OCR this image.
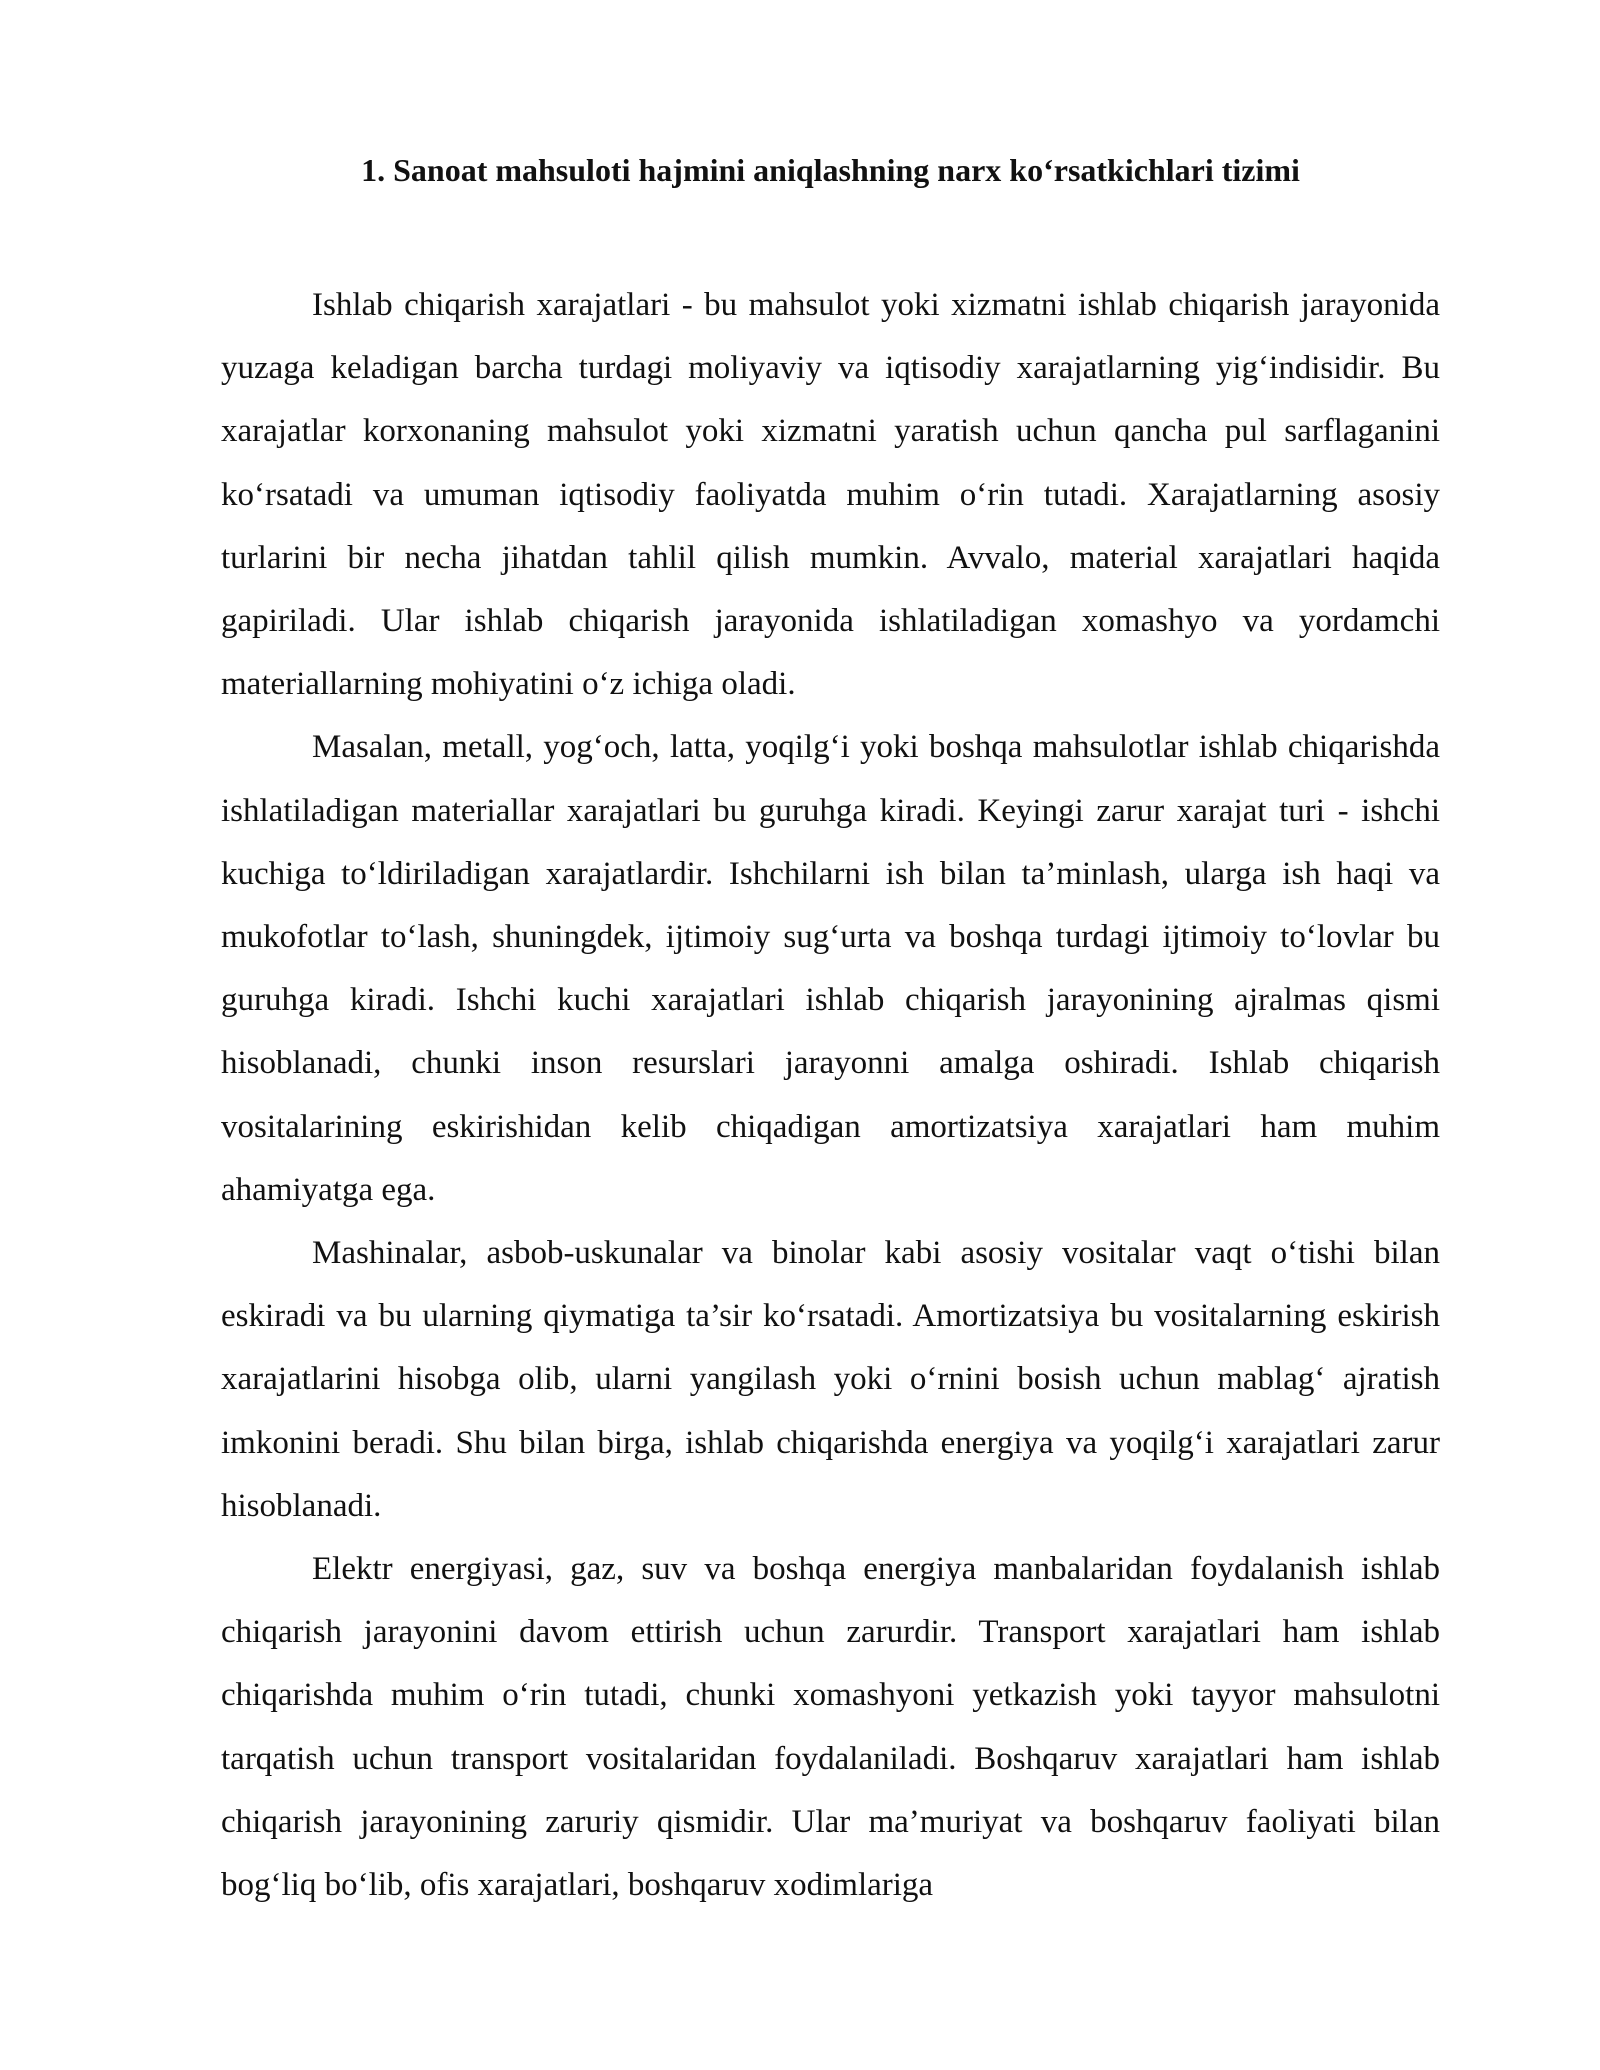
1. Sanoat mahsuloti hajmini aniqlashning narx koʻrsatkichlari tizimi

Ishlab chiqarish xarajatlari - bu mahsulot yoki xizmatni ishlab chiqarish jarayonida yuzaga keladigan barcha turdagi moliyaviy va iqtisodiy xarajatlarning yigʻindisidir. Bu xarajatlar korxonaning mahsulot yoki xizmatni yaratish uchun qancha pul sarflaganini koʻrsatadi va umuman iqtisodiy faoliyatda muhim oʻrin tutadi. Xarajatlarning asosiy turlarini bir necha jihatdan tahlil qilish mumkin. Avvalo, material xarajatlari haqida gapiriladi. Ular ishlab chiqarish jarayonida ishlatiladigan xomashyo va yordamchi materiallarning mohiyatini oʻz ichiga oladi.

Masalan, metall, yogʻoch, latta, yoqilgʻi yoki boshqa mahsulotlar ishlab chiqarishda ishlatiladigan materiallar xarajatlari bu guruhga kiradi. Keyingi zarur xarajat turi - ishchi kuchiga toʻldiriladigan xarajatlardir. Ishchilarni ish bilan ta’minlash, ularga ish haqi va mukofotlar toʻlash, shuningdek, ijtimoiy sugʻurta va boshqa turdagi ijtimoiy toʻlovlar bu guruhga kiradi. Ishchi kuchi xarajatlari ishlab chiqarish jarayonining ajralmas qismi hisoblanadi, chunki inson resurslari jarayonni amalga oshiradi. Ishlab chiqarish vositalarining eskirishidan kelib chiqadigan amortizatsiya xarajatlari ham muhim ahamiyatga ega.

Mashinalar, asbob-uskunalar va binolar kabi asosiy vositalar vaqt oʻtishi bilan eskiradi va bu ularning qiymatiga ta’sir koʻrsatadi. Amortizatsiya bu vositalarning eskirish xarajatlarini hisobga olib, ularni yangilash yoki oʻrnini bosish uchun mablagʻ ajratish imkonini beradi. Shu bilan birga, ishlab chiqarishda energiya va yoqilgʻi xarajatlari zarur hisoblanadi.

Elektr energiyasi, gaz, suv va boshqa energiya manbalaridan foydalanish ishlab chiqarish jarayonini davom ettirish uchun zarurdir. Transport xarajatlari ham ishlab chiqarishda muhim oʻrin tutadi, chunki xomashyoni yetkazish yoki tayyor mahsulotni tarqatish uchun transport vositalaridan foydalaniladi. Boshqaruv xarajatlari ham ishlab chiqarish jarayonining zaruriy qismidir. Ular ma’muriyat va boshqaruv faoliyati bilan bogʻliq boʻlib, ofis xarajatlari, boshqaruv xodimlariga
